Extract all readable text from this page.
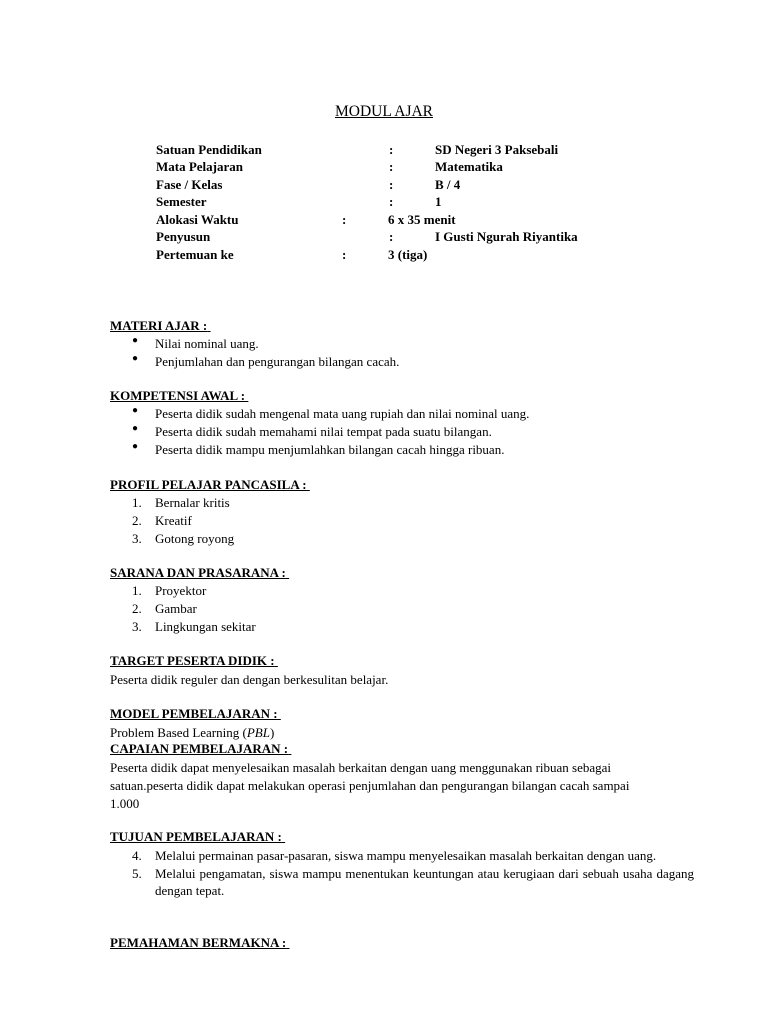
MODUL AJAR
Satuan Pendidikan	:	SD Negeri 3 Paksebali
Mata Pelajaran	:	Matematika
Fase / Kelas	:	B / 4
Semester	:	1
Alokasi Waktu	:	6 x 35 menit
Penyusun	:	I Gusti Ngurah Riyantika
Pertemuan ke	:	3 (tiga)
MATERI AJAR :
● Nilai nominal uang.
● Penjumlahan dan pengurangan bilangan cacah.
KOMPETENSI AWAL :
● Peserta didik sudah mengenal mata uang rupiah dan nilai nominal uang.
● Peserta didik sudah memahami nilai tempat pada suatu bilangan.
● Peserta didik mampu menjumlahkan bilangan cacah hingga ribuan.
PROFIL PELAJAR PANCASILA :
1. Bernalar kritis
2. Kreatif
3. Gotong royong
SARANA DAN PRASARANA :
1. Proyektor
2. Gambar
3. Lingkungan sekitar
TARGET PESERTA DIDIK :
Peserta didik reguler dan dengan berkesulitan belajar.
MODEL PEMBELAJARAN :
Problem Based Learning (PBL)
CAPAIAN PEMBELAJARAN :
Peserta didik dapat menyelesaikan masalah berkaitan dengan uang menggunakan ribuan sebagai
satuan.peserta didik dapat melakukan operasi penjumlahan dan pengurangan bilangan cacah sampai
1.000
TUJUAN PEMBELAJARAN :
4. Melalui permainan pasar-pasaran, siswa mampu menyelesaikan masalah berkaitan dengan uang.
5. Melalui pengamatan, siswa mampu menentukan keuntungan atau kerugiaan dari sebuah usaha dagang dengan tepat.
PEMAHAMAN BERMAKNA :
